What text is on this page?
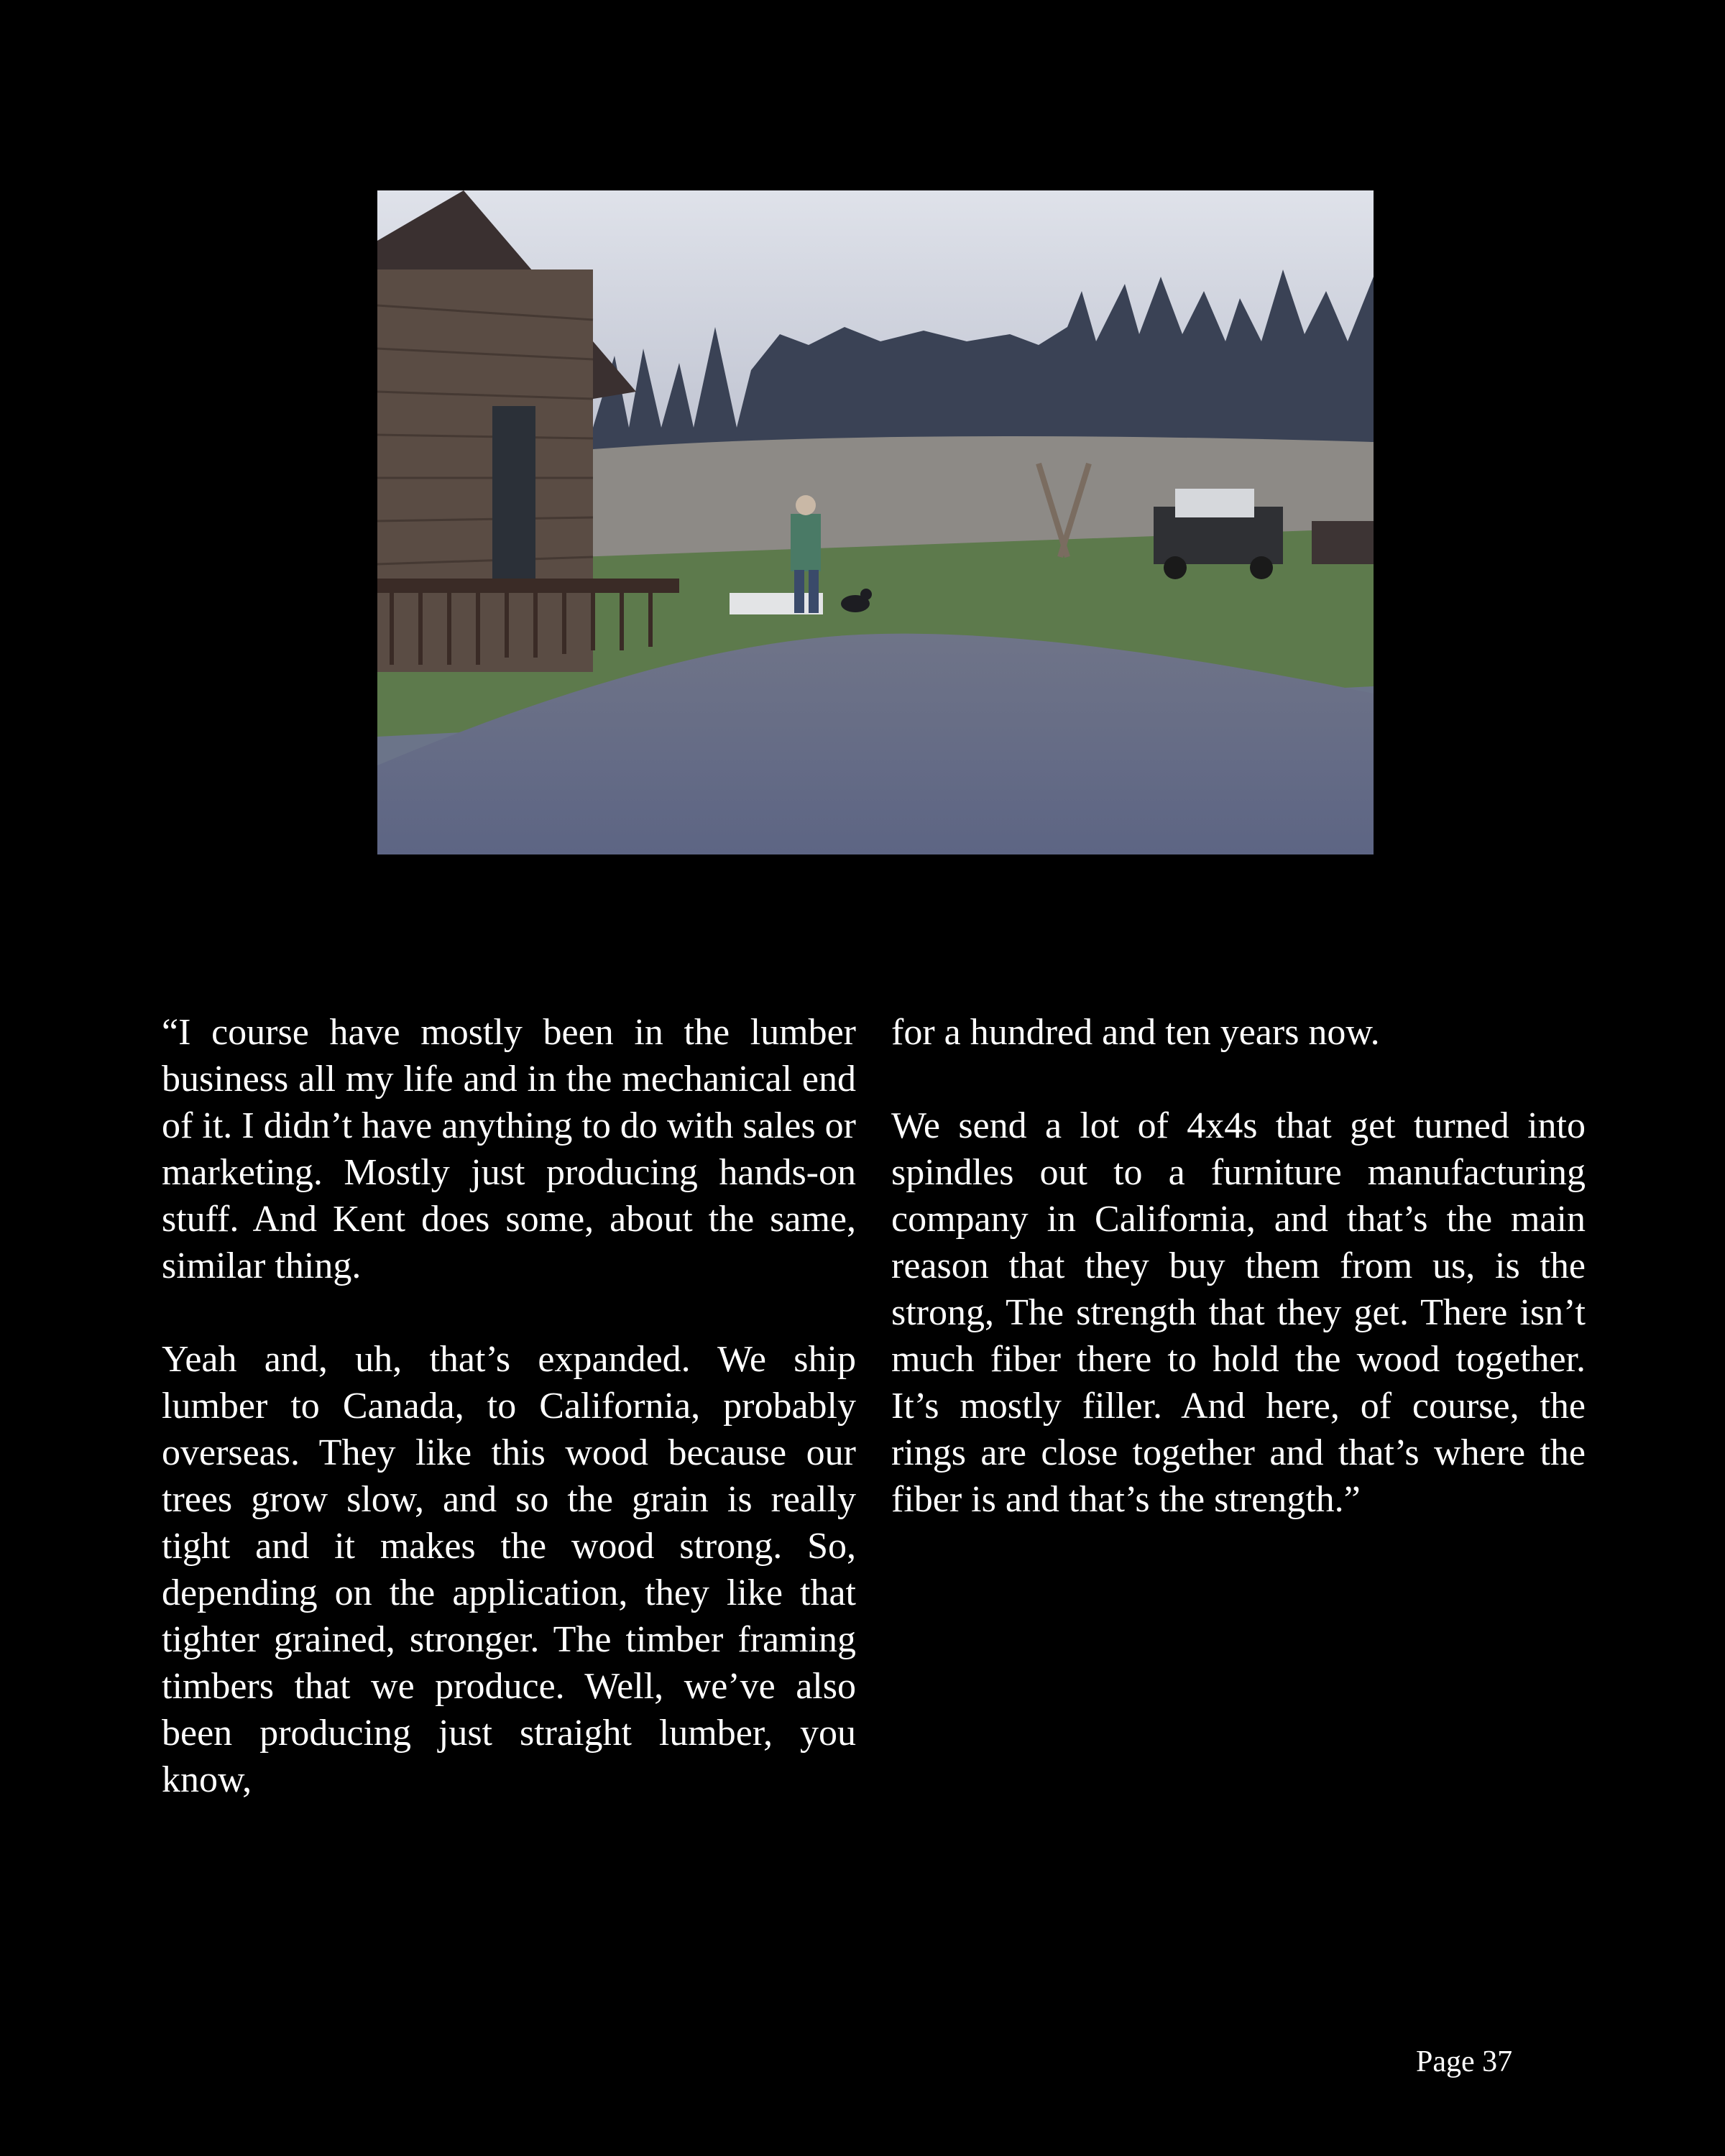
“I course have mostly been in the lumber business all my life and in the mechanical end of it. I didn’t have anything to do with sales or marketing. Mostly just producing hands-on stuff. And Kent does some, about the same, similar thing.

Yeah and, uh, that’s expanded. We ship lumber to Canada, to California, probably overseas. They like this wood because our trees grow slow, and so the grain is really tight and it makes the wood strong. So, depending on the application, they like that tighter grained, stronger. The timber framing timbers that we produce. Well, we’ve also been producing just straight lumber, you know,

for a hundred and ten years now.

We send a lot of 4x4s that get turned into spindles out to a furniture manufacturing company in California, and that’s the main reason that they buy them from us, is the strong, The strength that they get. There isn’t much fiber there to hold the wood together. It’s mostly filler. And here, of course, the rings are close together and that’s where the fiber is and that’s the strength.”

Page 37
